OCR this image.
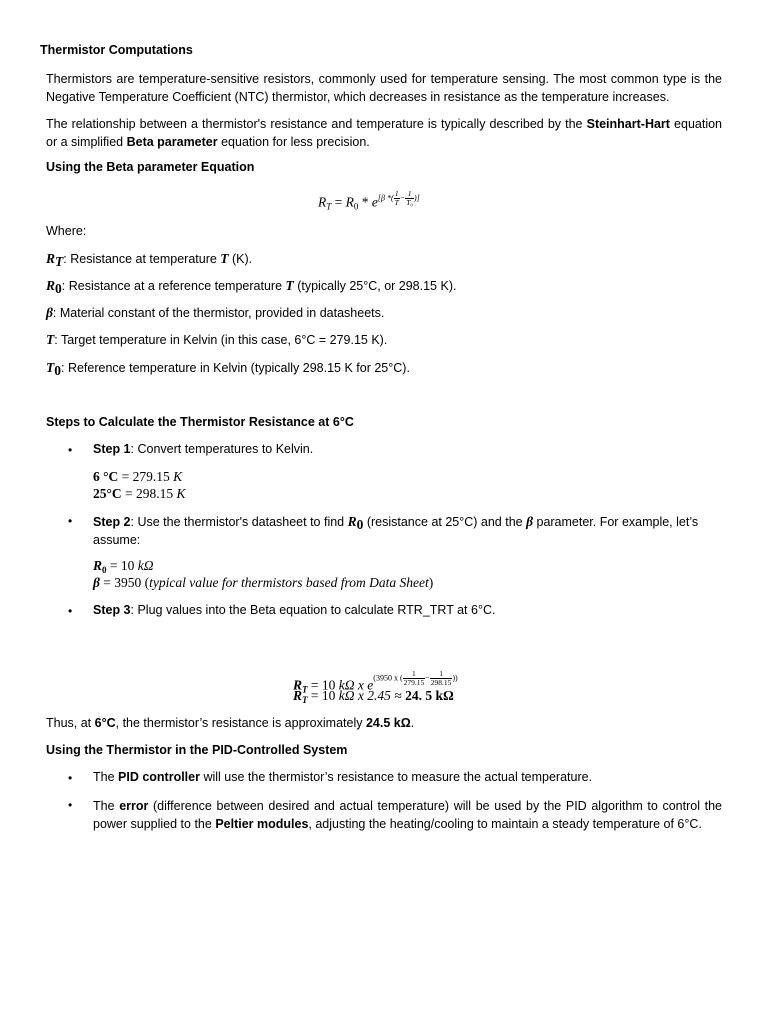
Thermistor Computations
Thermistors are temperature-sensitive resistors, commonly used for temperature sensing. The most common type is the Negative Temperature Coefficient (NTC) thermistor, which decreases in resistance as the temperature increases.
The relationship between a thermistor's resistance and temperature is typically described by the Steinhart-Hart equation or a simplified Beta parameter equation for less precision.
Using the Beta parameter Equation
$R_T = R_0 * e[\beta$ *( $\frac{1}{T} - \frac{1}{\text{T₀}}$ )]
Where:
$R_T$: Resistance at temperature T (K).
$R_0$: Resistance at a reference temperature T (typically 25°C, or 298.15 K).
β: Material constant of the thermistor, provided in datasheets.
T: Target temperature in Kelvin (in this case, 6°C = 279.15 K).
$T_0$: Reference temperature in Kelvin (typically 298.15 K for 25°C).
Steps to Calculate the Thermistor Resistance at 6°C
• Step 1: Convert temperatures to Kelvin.
6 °C = 279.15 K
25°C = 298.15 K
• Step 2: Use the thermistor's datasheet to find $R_0$ (resistance at 25°C) and the β parameter. For example, let’s assume:
$R_0 = 10$ kΩ
β = 3950 (typical value for thermistors based from Data Sheet)
• Step 3: Plug values into the Beta equation to calculate RTR_TRT at 6°C.
$R_T = 10$ kΩ x e(3950 x ( $\frac{1}{279.15} - \frac{1}{298.15}$ ))
$R_T = 10$ kΩ x 2.45 ≈ 24. 5 kΩ
Thus, at 6°C, the thermistor’s resistance is approximately 24.5 kΩ.
Using the Thermistor in the PID-Controlled System
• The PID controller will use the thermistor’s resistance to measure the actual temperature.
• The error (difference between desired and actual temperature) will be used by the PID algorithm to control the power supplied to the Peltier modules, adjusting the heating/cooling to maintain a steady temperature of 6°C.
